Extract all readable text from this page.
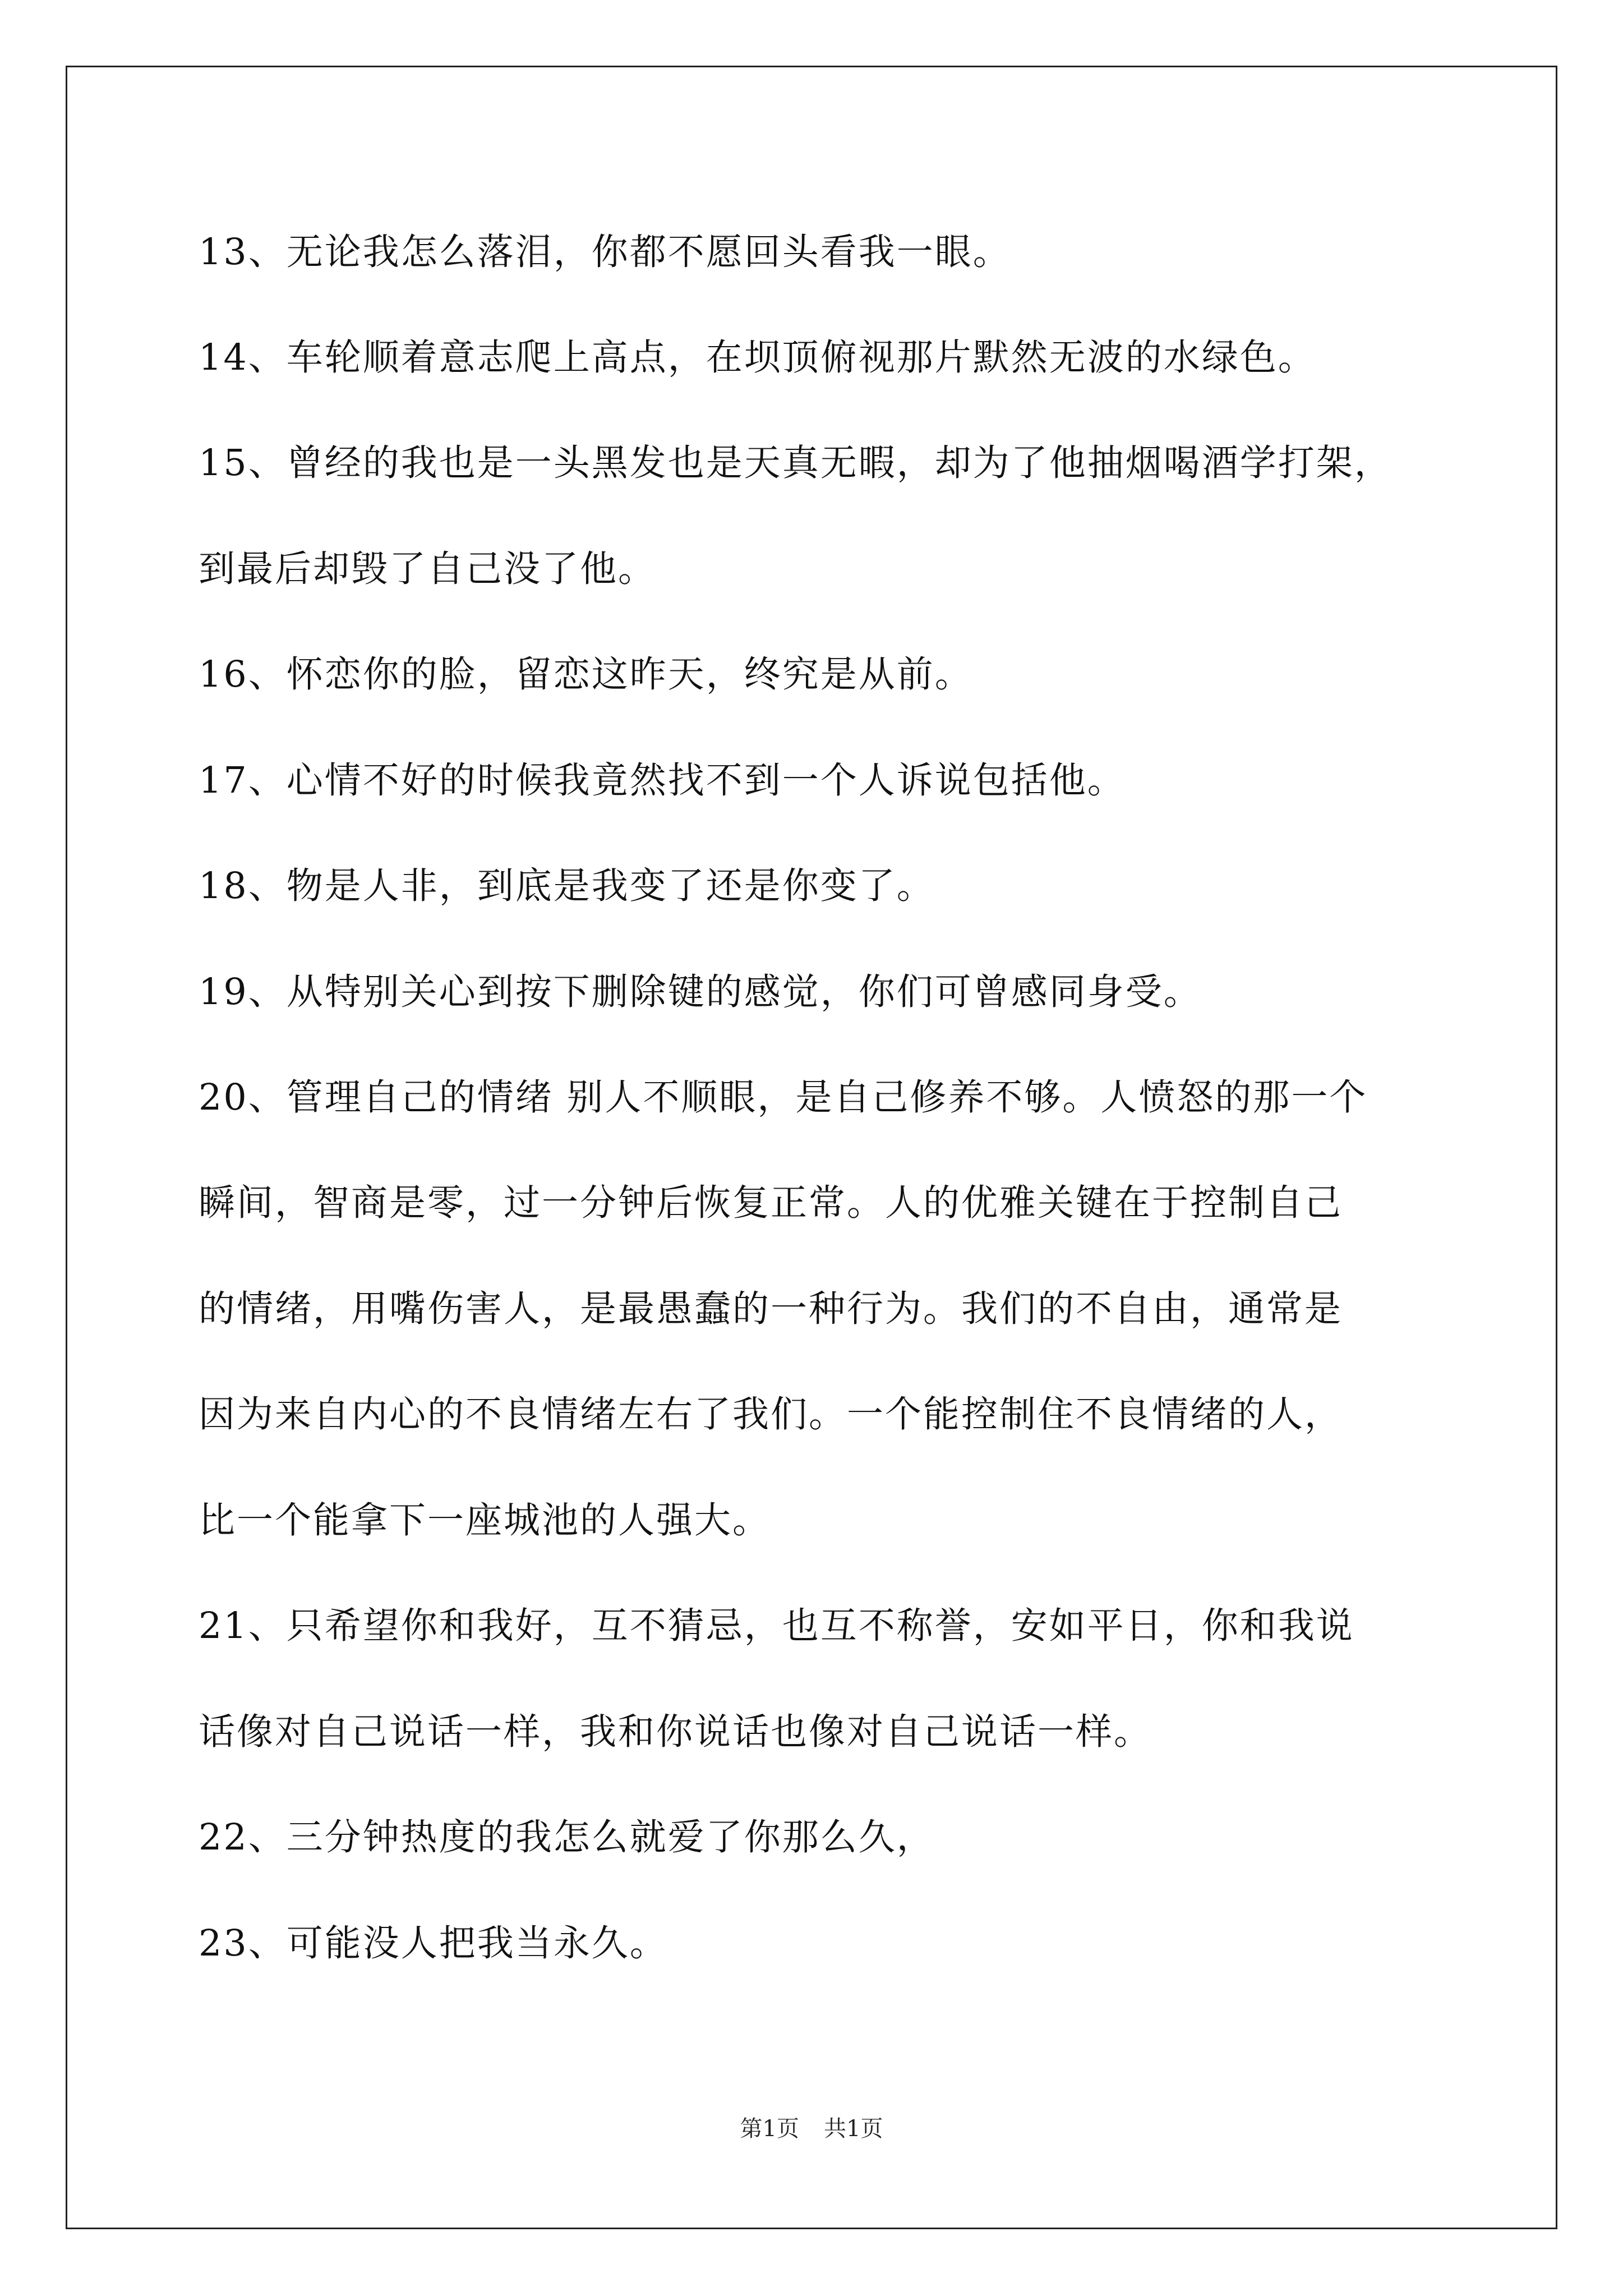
13、无论我怎么落泪，你都不愿回头看我一眼。
14、车轮顺着意志爬上高点，在坝顶俯视那片默然无波的水绿色。
15、曾经的我也是一头黑发也是天真无暇，却为了他抽烟喝酒学打架，
到最后却毁了自己没了他。
16、怀恋你的脸，留恋这昨天，终究是从前。
17、心情不好的时候我竟然找不到一个人诉说包括他。
18、物是人非，到底是我变了还是你变了。
19、从特别关心到按下删除键的感觉，你们可曾感同身受。
20、管理自己的情绪 别人不顺眼，是自己修养不够。人愤怒的那一个
瞬间，智商是零，过一分钟后恢复正常。人的优雅关键在于控制自己
的情绪，用嘴伤害人，是最愚蠢的一种行为。我们的不自由，通常是
因为来自内心的不良情绪左右了我们。一个能控制住不良情绪的人，
比一个能拿下一座城池的人强大。
21、只希望你和我好，互不猜忌，也互不称誉，安如平日，你和我说
话像对自己说话一样，我和你说话也像对自己说话一样。
22、三分钟热度的我怎么就爱了你那么久，
23、可能没人把我当永久。
第1页 共1页
